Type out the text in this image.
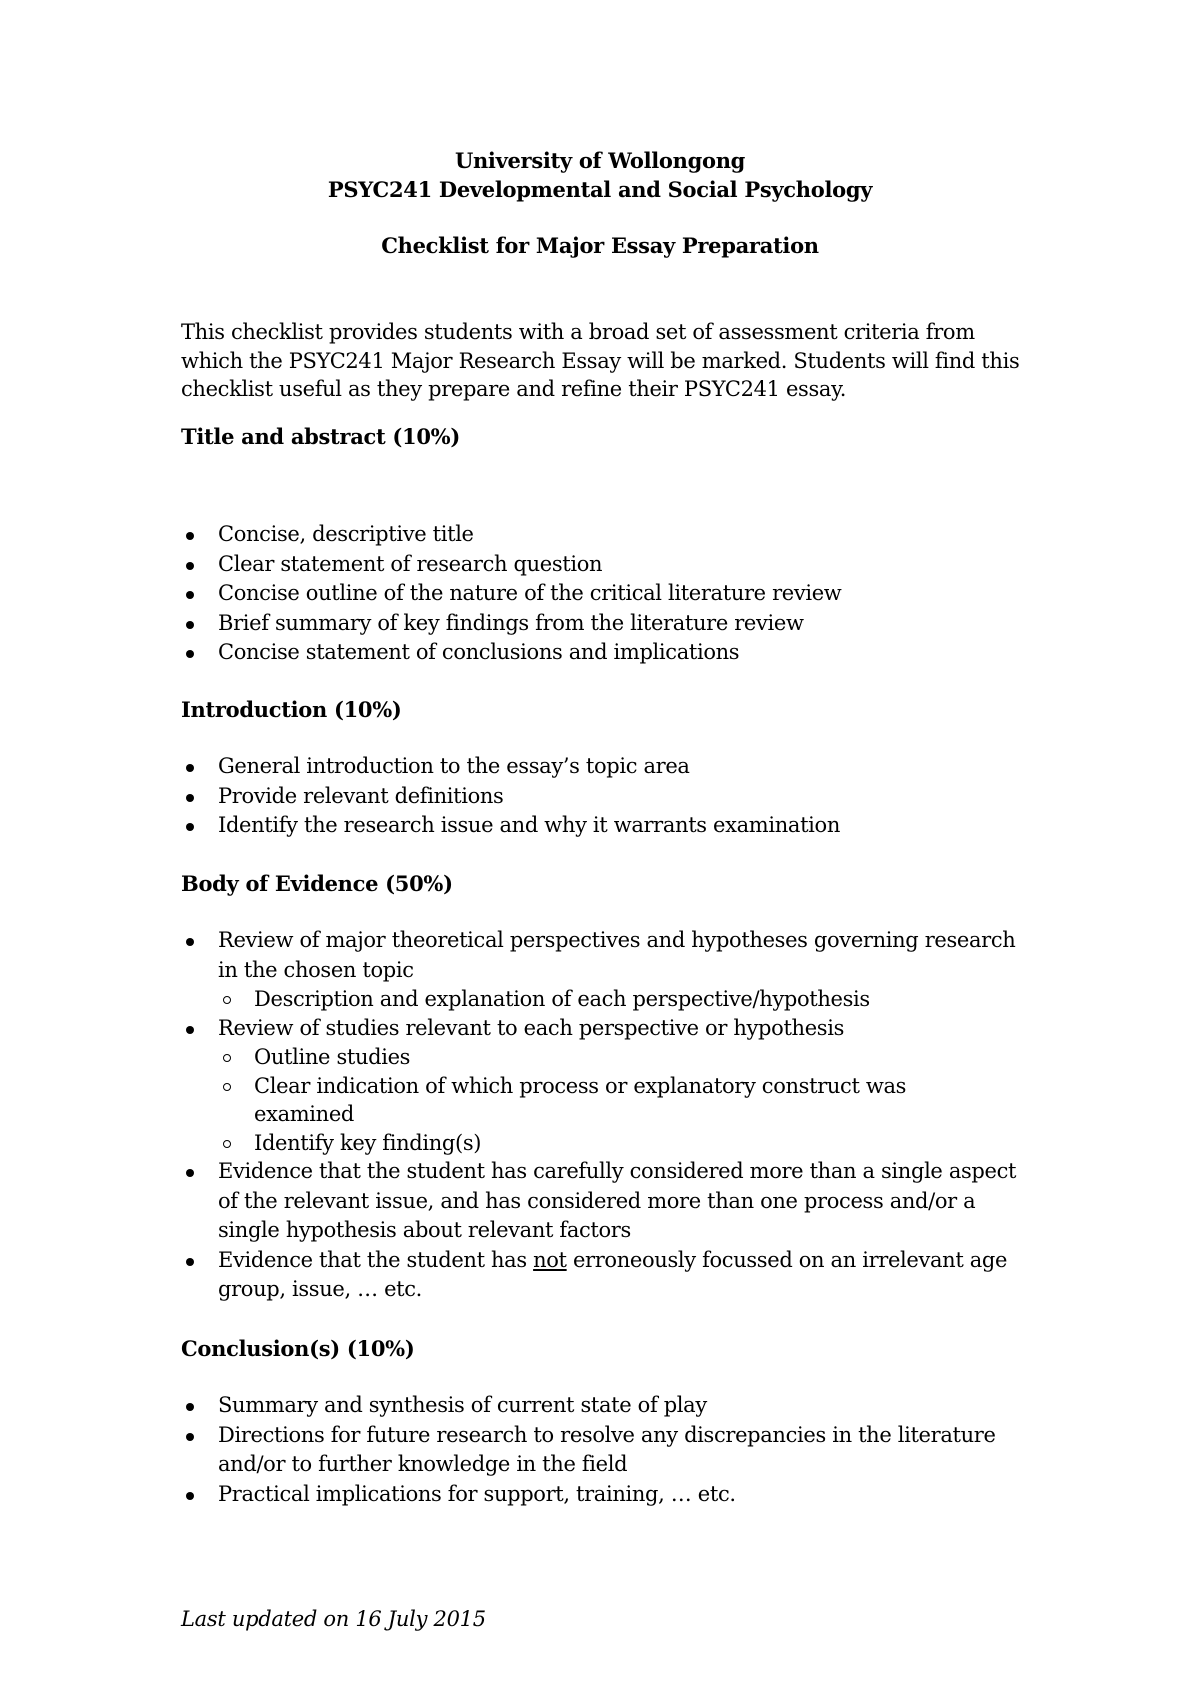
University of Wollongong
PSYC241 Developmental and Social Psychology
Checklist for Major Essay Preparation
This checklist provides students with a broad set of assessment criteria from
which the PSYC241 Major Research Essay will be marked. Students will find this
checklist useful as they prepare and refine their PSYC241 essay.
Title and abstract (10%)
Concise, descriptive title
Clear statement of research question
Concise outline of the nature of the critical literature review
Brief summary of key findings from the literature review
Concise statement of conclusions and implications
Introduction (10%)
General introduction to the essay’s topic area
Provide relevant definitions
Identify the research issue and why it warrants examination
Body of Evidence (50%)
Review of major theoretical perspectives and hypotheses governing research
in the chosen topic
Description and explanation of each perspective/hypothesis
Review of studies relevant to each perspective or hypothesis
Outline studies
Clear indication of which process or explanatory construct was
examined
Identify key finding(s)
Evidence that the student has carefully considered more than a single aspect
of the relevant issue, and has considered more than one process and/or a
single hypothesis about relevant factors
Evidence that the student has not erroneously focussed on an irrelevant age
group, issue, … etc.
Conclusion(s) (10%)
Summary and synthesis of current state of play
Directions for future research to resolve any discrepancies in the literature
and/or to further knowledge in the field
Practical implications for support, training, … etc.
Last updated on 16 July 2015
